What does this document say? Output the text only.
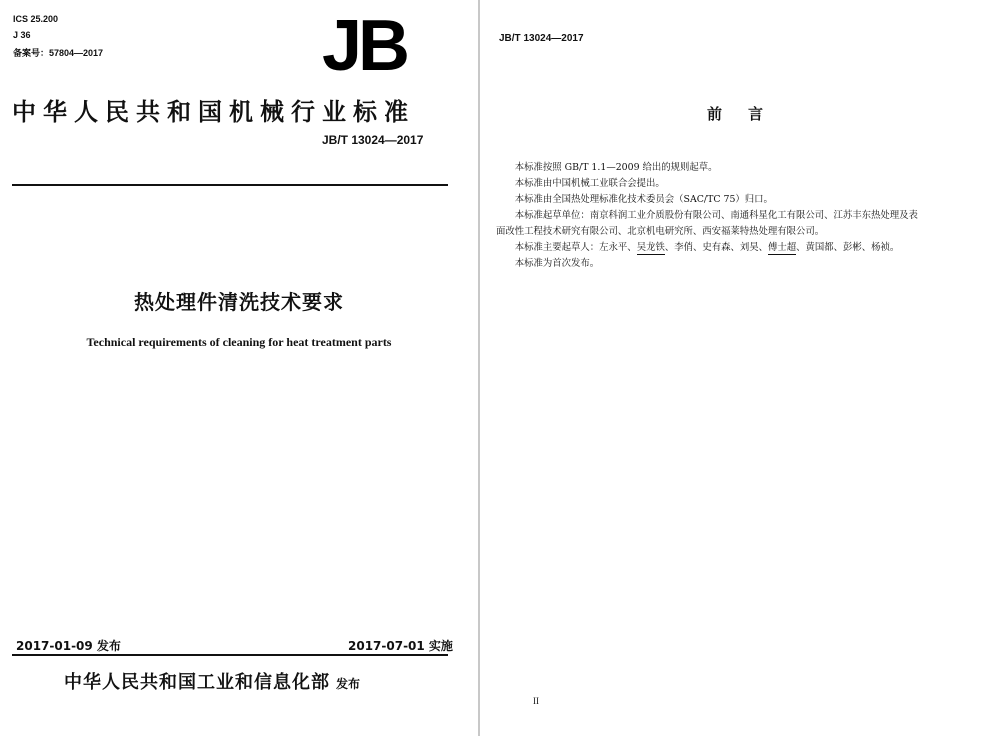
ICS 25.200
J 36
备案号：57804—2017	JB
中华人民共和国机械行业标准
JB/T 13024—2017
热处理件清洗技术要求
Technical requirements of cleaning for heat treatment parts
2017-01-09 发布	2017-07-01 实施
中华人民共和国工业和信息化部 发布
JB/T 13024—2017
前言

本标准按照 GB/T 1.1—2009 给出的规则起草。

本标准由中国机械工业联合会提出。

本标准由全国热处理标准化技术委员会（SAC/TC 75）归口。

本标准起草单位：南京科润工业介质股份有限公司、南通科星化工有限公司、江苏丰东热处理及表

面改性工程技术研究有限公司、北京机电研究所、西安福莱特热处理有限公司。

本标准主要起草人：左永平、吴龙铁、李俏、史有森、刘昊、傅士超、黄国都、彭彬、杨祯。

本标准为首次发布。

II
